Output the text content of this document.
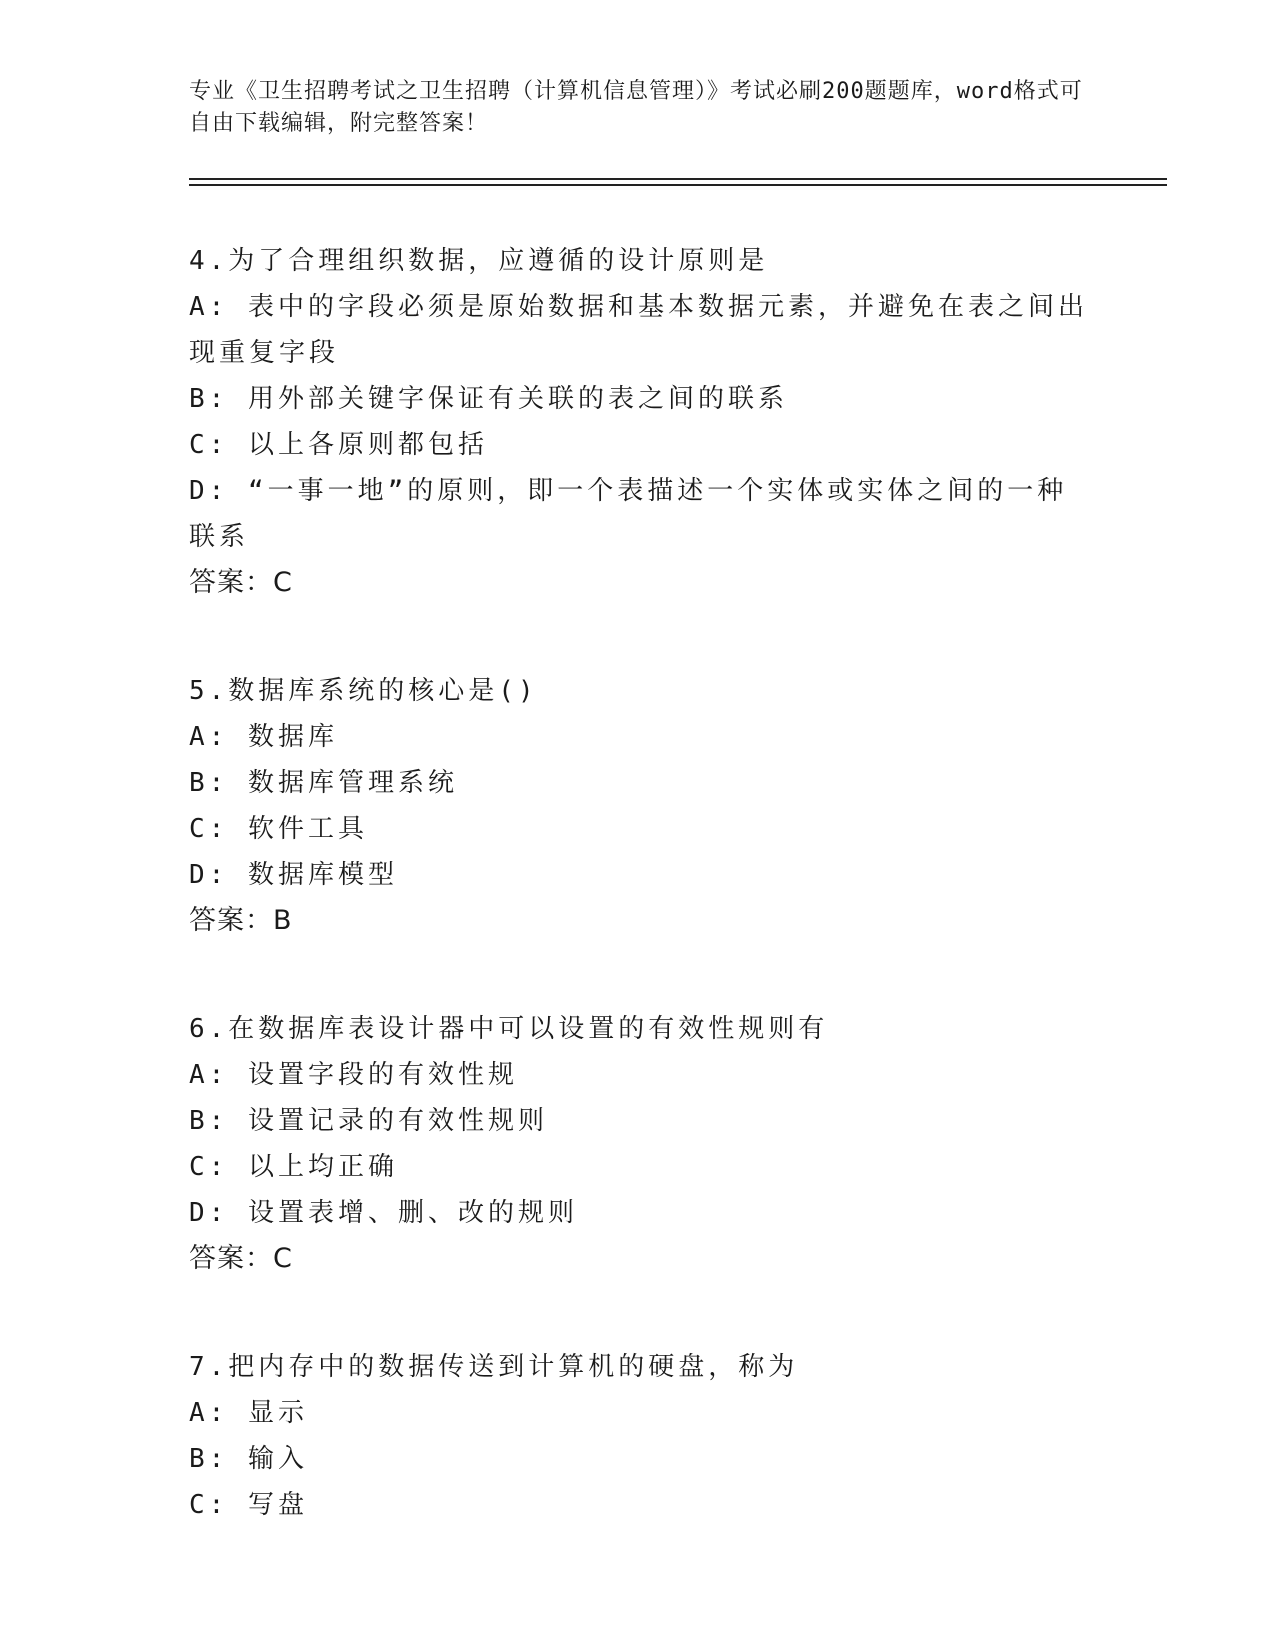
专业《卫生招聘考试之卫生招聘（计算机信息管理）》考试必刷200题题库，word格式可自由下载编辑，附完整答案！
4.为了合理组织数据，应遵循的设计原则是
A: 表中的字段必须是原始数据和基本数据元素，并避免在表之间出现重复字段
B: 用外部关键字保证有关联的表之间的联系
C: 以上各原则都包括
D: “一事一地”的原则，即一个表描述一个实体或实体之间的一种联系
答案：C
5.数据库系统的核心是()
A: 数据库
B: 数据库管理系统
C: 软件工具
D: 数据库模型
答案：B
6.在数据库表设计器中可以设置的有效性规则有
A: 设置字段的有效性规
B: 设置记录的有效性规则
C: 以上均正确
D: 设置表增、删、改的规则
答案：C
7.把内存中的数据传送到计算机的硬盘，称为
A: 显示
B: 输入
C: 写盘
